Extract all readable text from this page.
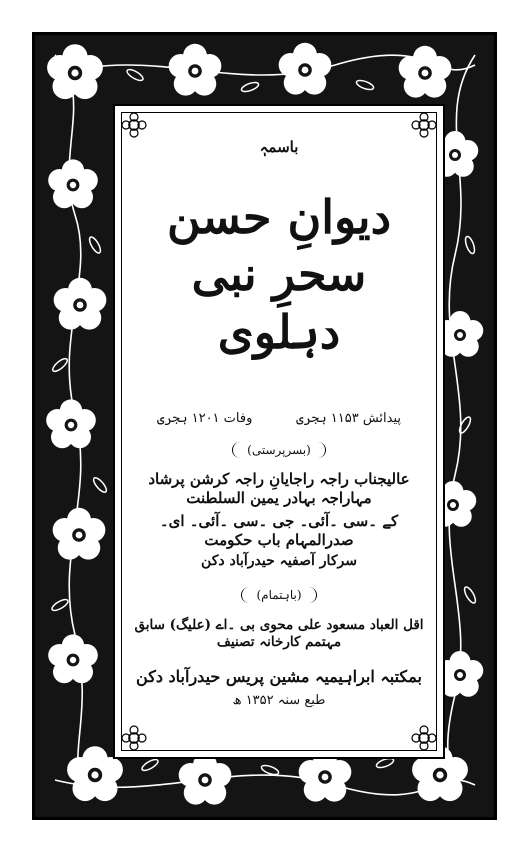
باسمہٖ
دیوانِ حسن سحرِ نبی دہلوی
پیدائش ۱۱۵۳ ہجری
وفات ۱۲۰۱ ہجری
(بسرپرستی)
عالیجناب راجہ راجایانِ راجہ کرشن پرشاد مہاراجہ بہادر یمین السلطنت
کے ۔سی ۔آئی۔ جی ۔سی ۔آئی۔ ای۔ صدرالمہام باب حکومت
سرکار آصفیہ حیدرآباد دکن
(باہتمام)
اقل العباد مسعود علی محوی بی ۔اے (علیگ) سابق مہتمم کارخانہ تصنیف
بمکتبہ ابراہیمیہ مشین پریس حیدرآباد دکن
طبع سنہ ۱۳۵۲ ھ
